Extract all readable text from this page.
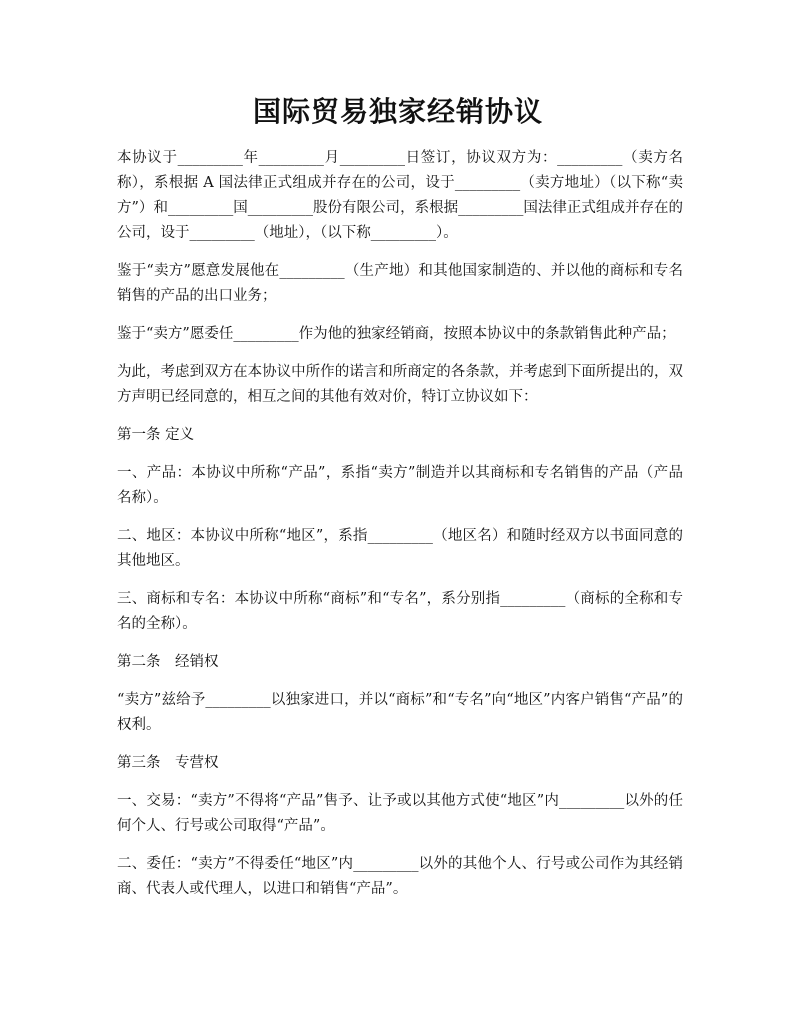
国际贸易独家经销协议

本协议于_________年_________月_________日签订，协议双方为：_________（卖方名称），系根据 A 国法律正式组成并存在的公司，设于_________（卖方地址）（以下称“卖方”）和_________国_________股份有限公司，系根据_________国法律正式组成并存在的公司，设于_________（地址），（以下称_________）。

鉴于“卖方”愿意发展他在_________（生产地）和其他国家制造的、并以他的商标和专名销售的产品的出口业务；

鉴于“卖方”愿委任_________作为他的独家经销商，按照本协议中的条款销售此种产品；

为此，考虑到双方在本协议中所作的诺言和所商定的各条款，并考虑到下面所提出的，双方声明已经同意的，相互之间的其他有效对价，特订立协议如下：

第一条 定义

一、产品：本协议中所称“产品”，系指“卖方”制造并以其商标和专名销售的产品（产品名称）。

二、地区：本协议中所称“地区”，系指_________（地区名）和随时经双方以书面同意的其他地区。

三、商标和专名：本协议中所称“商标”和“专名”，系分别指_________（商标的全称和专名的全称）。

第二条　经销权

“卖方”兹给予_________以独家进口，并以“商标”和“专名”向“地区”内客户销售“产品”的权利。

第三条　专营权

一、交易：“卖方”不得将“产品”售予、让予或以其他方式使“地区”内_________以外的任何个人、行号或公司取得“产品”。

二、委任：“卖方”不得委任“地区”内_________以外的其他个人、行号或公司作为其经销商、代表人或代理人，以进口和销售“产品”。
